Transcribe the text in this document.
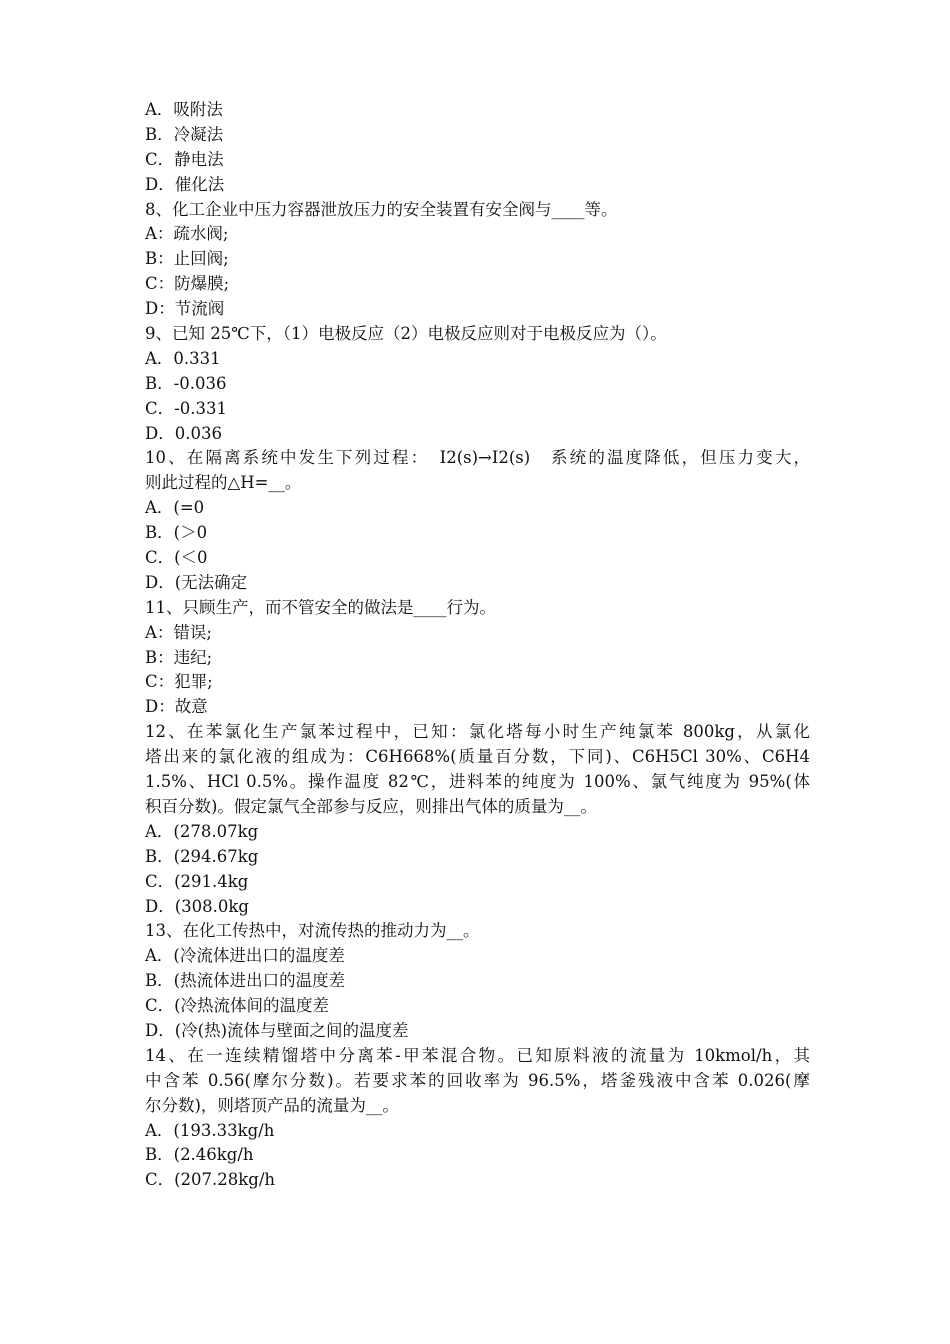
A．吸附法
B．冷凝法
C．静电法
D．催化法
8、化工企业中压力容器泄放压力的安全装置有安全阀与____等。
A：疏水阀;
B：止回阀;
C：防爆膜;
D：节流阀
9、已知 25℃下，（1）电极反应（2）电极反应则对于电极反应为（）。
A．0.331
B．-0.036
C．-0.331
D．0.036
10、在隔离系统中发生下列过程：　I2(s)→I2(s)　系统的温度降低，但压力变大，
则此过程的△H=__。
A．(=0
B．(＞0
C．(＜0
D．(无法确定
11、只顾生产，而不管安全的做法是____行为。
A：错误;
B：违纪;
C：犯罪;
D：故意
12、在苯氯化生产氯苯过程中，已知：氯化塔每小时生产纯氯苯 800kg，从氯化
塔出来的氯化液的组成为：C6H668%(质量百分数，下同)、C6H5Cl 30%、C6H4
1.5%、HCl 0.5%。操作温度 82℃，进料苯的纯度为 100%、氯气纯度为 95%(体
积百分数)。假定氯气全部参与反应，则排出气体的质量为__。
A．(278.07kg
B．(294.67kg
C．(291.4kg
D．(308.0kg
13、在化工传热中，对流传热的推动力为__。
A．(冷流体进出口的温度差
B．(热流体进出口的温度差
C．(冷热流体间的温度差
D．(冷(热)流体与壁面之间的温度差
14、在一连续精馏塔中分离苯-甲苯混合物。已知原料液的流量为 10kmol/h，其
中含苯 0.56(摩尔分数)。若要求苯的回收率为 96.5%，塔釜残液中含苯 0.026(摩
尔分数)，则塔顶产品的流量为__。
A．(193.33kg/h
B．(2.46kg/h
C．(207.28kg/h
